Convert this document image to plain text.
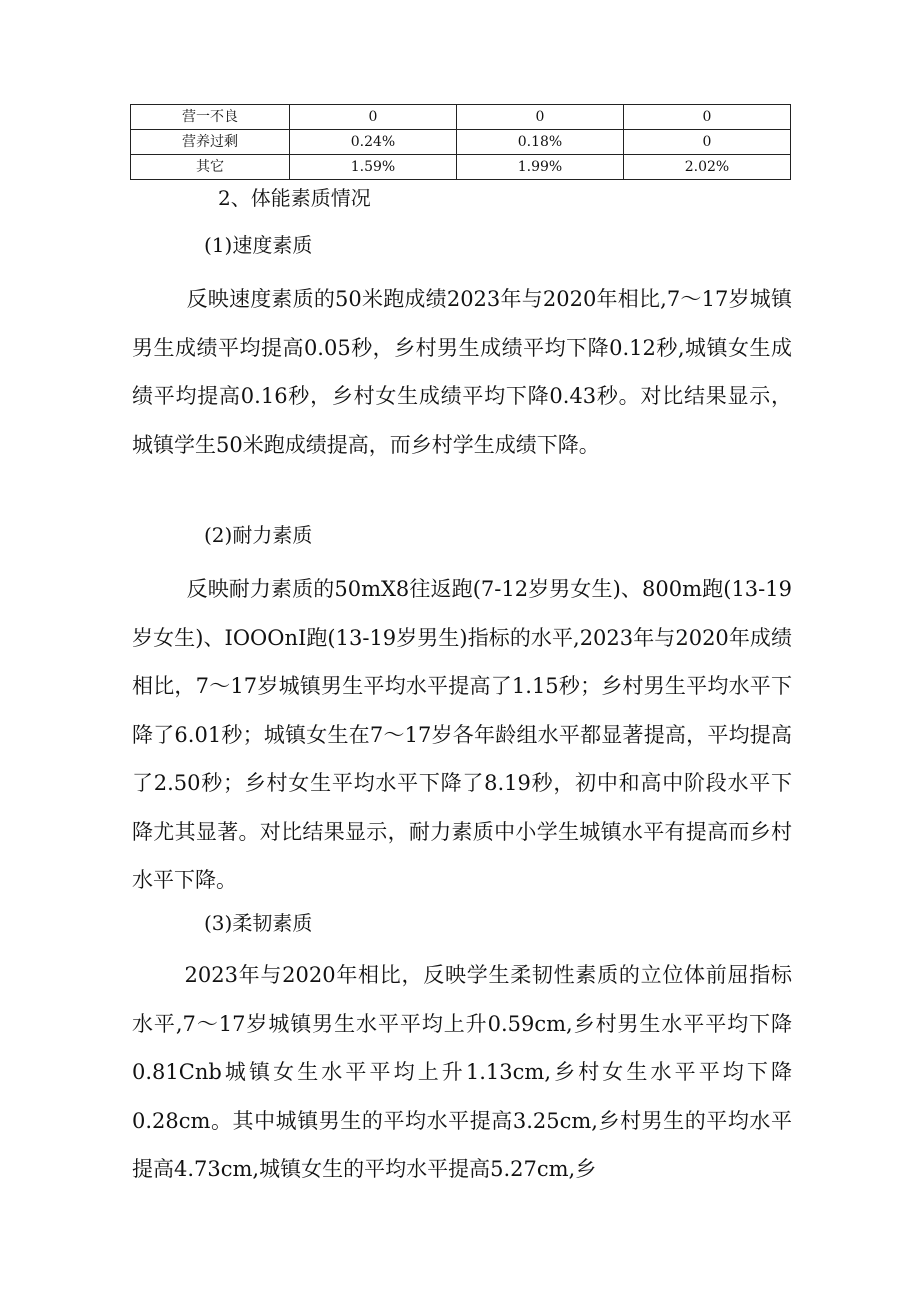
营一不良	0	0	0
营养过剩	0.24%	0.18%	0
其它	1.59%	1.99%	2.02%
2、体能素质情况
(1)速度素质

反映速度素质的50米跑成绩2023年与2020年相比,7～17岁城镇男生成绩平均提高0.05秒，乡村男生成绩平均下降0.12秒,城镇女生成绩平均提高0.16秒，乡村女生成绩平均下降0.43秒。对比结果显示，城镇学生50米跑成绩提高，而乡村学生成绩下降。

(2)耐力素质

反映耐力素质的50mX8往返跑(7-12岁男女生)、800m跑(13-19岁女生)、IOOOnI跑(13-19岁男生)指标的水平,2023年与2020年成绩相比，7～17岁城镇男生平均水平提高了1.15秒；乡村男生平均水平下降了6.01秒；城镇女生在7～17岁各年龄组水平都显著提高，平均提高了2.50秒；乡村女生平均水平下降了8.19秒，初中和高中阶段水平下降尤其显著。对比结果显示，耐力素质中小学生城镇水平有提高而乡村水平下降。

(3)柔韧素质

2023年与2020年相比，反映学生柔韧性素质的立位体前屈指标水平,7～17岁城镇男生水平平均上升0.59cm,乡村男生水平平均下降0.81Cnb城镇女生水平平均上升1.13cm,乡村女生水平平均下降0.28cm。其中城镇男生的平均水平提高3.25cm,乡村男生的平均水平提高4.73cm,城镇女生的平均水平提高5.27cm,乡
